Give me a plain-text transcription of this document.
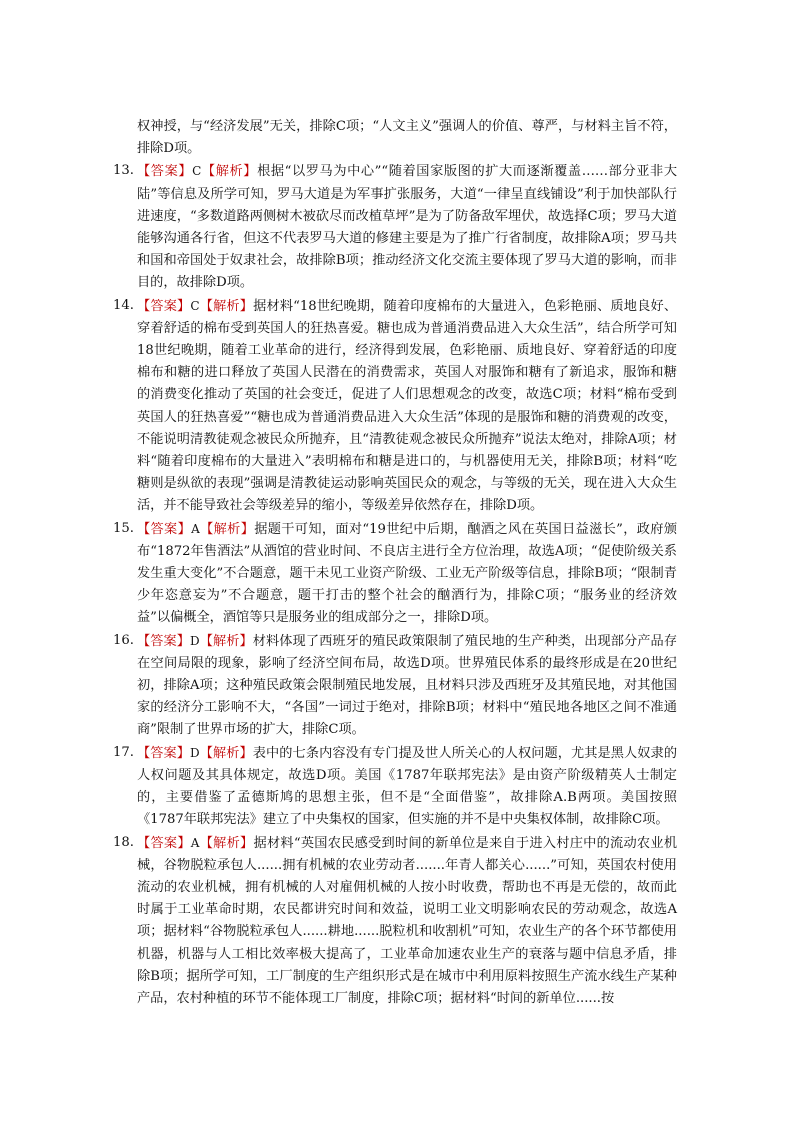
权神授，与“经济发展”无关，排除C项；“人文主义”强调人的价值、尊严，与材料主旨不符，排除D项。

13. 【答案】C【解析】根据“以罗马为中心”“随着国家版图的扩大而逐渐覆盖……部分亚非大陆”等信息及所学可知，罗马大道是为军事扩张服务，大道“一律呈直线铺设”利于加快部队行进速度，“多数道路两侧树木被砍尽而改植草坪”是为了防备敌军埋伏，故选择C项；罗马大道能够沟通各行省，但这不代表罗马大道的修建主要是为了推广行省制度，故排除A项；罗马共和国和帝国处于奴隶社会，故排除B项；推动经济文化交流主要体现了罗马大道的影响，而非目的，故排除D项。

14. 【答案】C【解析】据材料“18世纪晚期，随着印度棉布的大量进入，色彩艳丽、质地良好、穿着舒适的棉布受到英国人的狂热喜爱。糖也成为普通消费品进入大众生活”，结合所学可知18世纪晚期，随着工业革命的进行，经济得到发展，色彩艳丽、质地良好、穿着舒适的印度棉布和糖的进口释放了英国人民潜在的消费需求，英国人对服饰和糖有了新追求，服饰和糖的消费变化推动了英国的社会变迁，促进了人们思想观念的改变，故选C项；材料“棉布受到英国人的狂热喜爱”“糖也成为普通消费品进入大众生活”体现的是服饰和糖的消费观的改变，不能说明清教徒观念被民众所抛弃，且“清教徒观念被民众所抛弃”说法太绝对，排除A项；材料“随着印度棉布的大量进入”表明棉布和糖是进口的，与机器使用无关，排除B项；材料“吃糖则是纵欲的表现”强调是清教徒运动影响英国民众的观念，与等级的无关，现在进入大众生活，并不能导致社会等级差异的缩小，等级差异依然存在，排除D项。

15. 【答案】A【解析】据题干可知，面对“19世纪中后期，酗酒之风在英国日益滋长”，政府颁布“1872年售酒法”从酒馆的营业时间、不良店主进行全方位治理，故选A项；“促使阶级关系发生重大变化”不合题意，题干未见工业资产阶级、工业无产阶级等信息，排除B项；“限制青少年恣意妄为”不合题意，题干打击的整个社会的酗酒行为，排除C项；“服务业的经济效益”以偏概全，酒馆等只是服务业的组成部分之一，排除D项。

16. 【答案】D【解析】材料体现了西班牙的殖民政策限制了殖民地的生产种类，出现部分产品存在空间局限的现象，影响了经济空间布局，故选D项。世界殖民体系的最终形成是在20世纪初，排除A项；这种殖民政策会限制殖民地发展，且材料只涉及西班牙及其殖民地，对其他国家的经济分工影响不大，“各国”一词过于绝对，排除B项；材料中“殖民地各地区之间不准通商”限制了世界市场的扩大，排除C项。

17. 【答案】D【解析】表中的七条内容没有专门提及世人所关心的人权问题，尤其是黑人奴隶的人权问题及其具体规定，故选D项。美国《1787年联邦宪法》是由资产阶级精英人士制定的，主要借鉴了孟德斯鸠的思想主张，但不是“全面借鉴”，故排除A.B两项。美国按照《1787年联邦宪法》建立了中央集权的国家，但实施的并不是中央集权体制，故排除C项。

18. 【答案】A【解析】据材料“英国农民感受到时间的新单位是来自于进入村庄中的流动农业机械，谷物脱粒承包人......拥有机械的农业劳动者.......年青人都关心......”可知，英国农村使用流动的农业机械，拥有机械的人对雇佣机械的人按小时收费，帮助也不再是无偿的，故而此时属于工业革命时期，农民都讲究时间和效益，说明工业文明影响农民的劳动观念，故选A项；据材料“谷物脱粒承包人......耕地......脱粒机和收割机”可知，农业生产的各个环节都使用机器，机器与人工相比效率极大提高了，工业革命加速农业生产的衰落与题中信息矛盾，排除B项；据所学可知，工厂制度的生产组织形式是在城市中利用原料按照生产流水线生产某种产品，农村种植的环节不能体现工厂制度，排除C项；据材料“时间的新单位......按
